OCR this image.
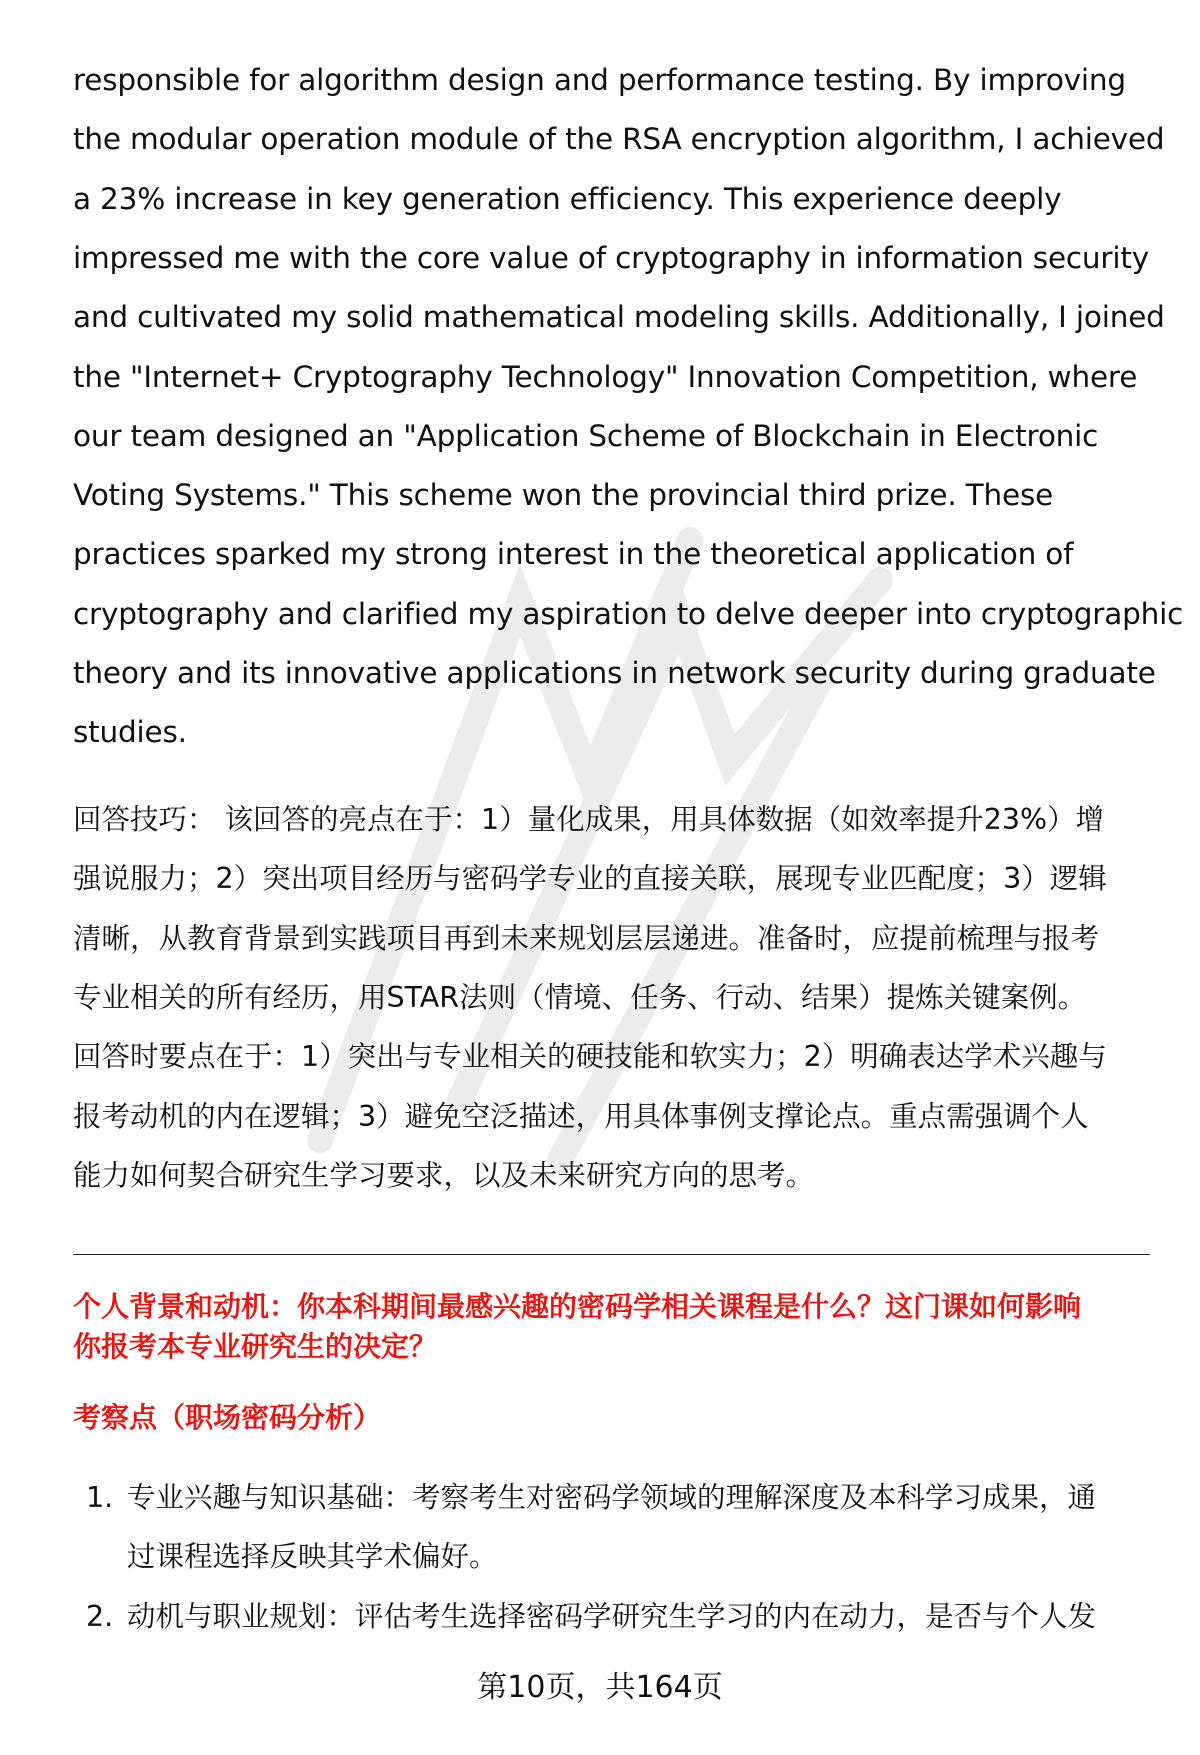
responsible for algorithm design and performance testing. By improving
the modular operation module of the RSA encryption algorithm, I achieved
a 23% increase in key generation efficiency. This experience deeply
impressed me with the core value of cryptography in information security
and cultivated my solid mathematical modeling skills. Additionally, I joined
the "Internet+ Cryptography Technology" Innovation Competition, where
our team designed an "Application Scheme of Blockchain in Electronic
Voting Systems." This scheme won the provincial third prize. These
practices sparked my strong interest in the theoretical application of
cryptography and clarified my aspiration to delve deeper into cryptographic
theory and its innovative applications in network security during graduate
studies.
回答技巧： 该回答的亮点在于：1）量化成果，用具体数据（如效率提升23%）增
强说服力；2）突出项目经历与密码学专业的直接关联，展现专业匹配度；3）逻辑
清晰，从教育背景到实践项目再到未来规划层层递进。准备时，应提前梳理与报考
专业相关的所有经历，用STAR法则（情境、任务、行动、结果）提炼关键案例。
回答时要点在于：1）突出与专业相关的硬技能和软实力；2）明确表达学术兴趣与
报考动机的内在逻辑；3）避免空泛描述，用具体事例支撑论点。重点需强调个人
能力如何契合研究生学习要求，以及未来研究方向的思考。
个人背景和动机：你本科期间最感兴趣的密码学相关课程是什么？这门课如何影响
你报考本专业研究生的决定？
考察点（职场密码分析）
1. 专业兴趣与知识基础：考察考生对密码学领域的理解深度及本科学习成果，通
过课程选择反映其学术偏好。
2. 动机与职业规划：评估考生选择密码学研究生学习的内在动力，是否与个人发
第10页，共164页
